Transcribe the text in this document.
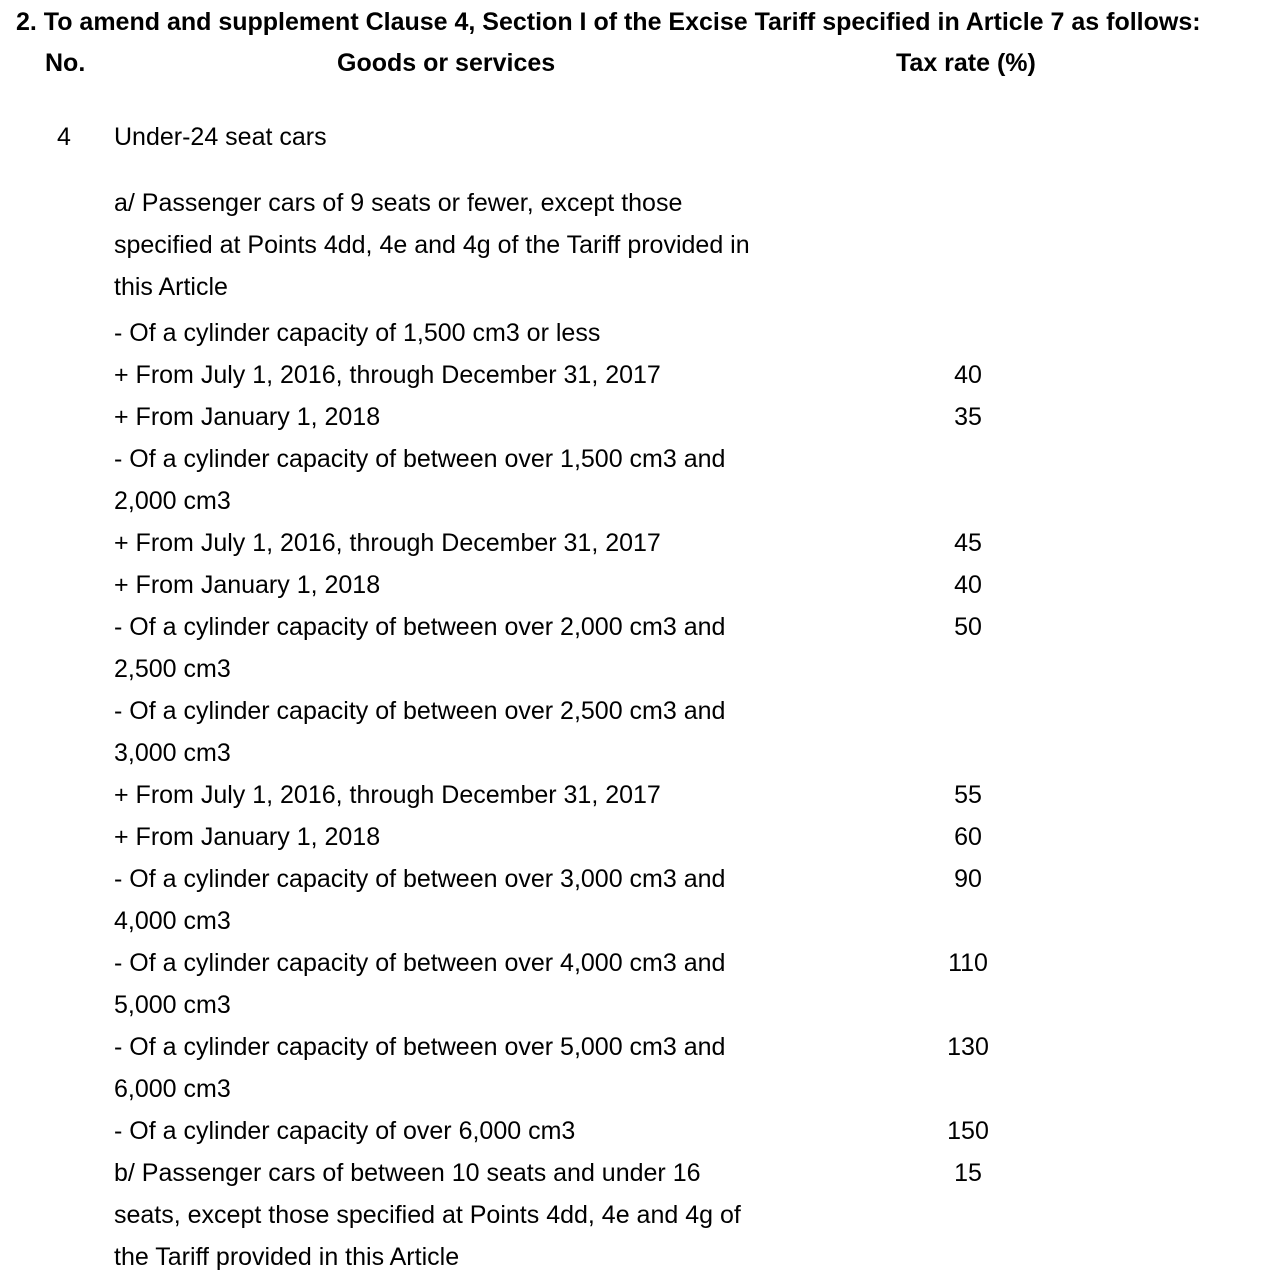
2. To amend and supplement Clause 4, Section I of the Excise Tariff specified in Article 7 as follows:
No.	Goods or services	Tax rate (%)
4 Under-24 seat cars
a/ Passenger cars of 9 seats or fewer, except those
specified at Points 4dd, 4e and 4g of the Tariff provided in
this Article
- Of a cylinder capacity of 1,500 cm3 or less
+ From July 1, 2016, through December 31, 2017	40
+ From January 1, 2018	35
- Of a cylinder capacity of between over 1,500 cm3 and
2,000 cm3
+ From July 1, 2016, through December 31, 2017	45
+ From January 1, 2018	40
- Of a cylinder capacity of between over 2,000 cm3 and	50
2,500 cm3
- Of a cylinder capacity of between over 2,500 cm3 and
3,000 cm3
+ From July 1, 2016, through December 31, 2017	55
+ From January 1, 2018	60
- Of a cylinder capacity of between over 3,000 cm3 and	90
4,000 cm3
- Of a cylinder capacity of between over 4,000 cm3 and	110
5,000 cm3
- Of a cylinder capacity of between over 5,000 cm3 and	130
6,000 cm3
- Of a cylinder capacity of over 6,000 cm3	150
b/ Passenger cars of between 10 seats and under 16	15
seats, except those specified at Points 4dd, 4e and 4g of
the Tariff provided in this Article
